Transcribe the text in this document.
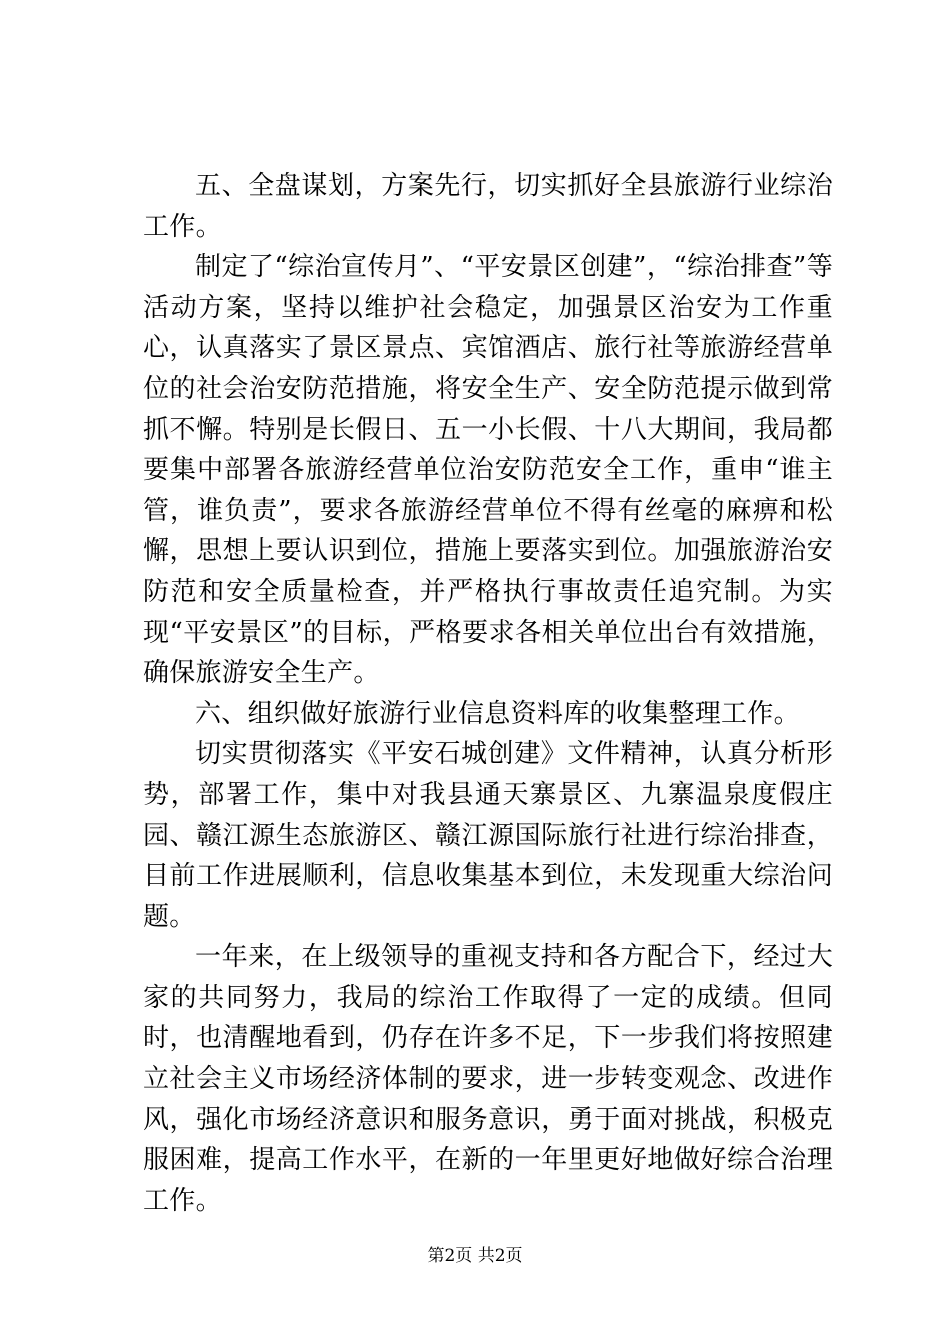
五、全盘谋划，方案先行，切实抓好全县旅游行业综治工作。

制定了“综治宣传月”、“平安景区创建”，“综治排查”等活动方案，坚持以维护社会稳定，加强景区治安为工作重心，认真落实了景区景点、宾馆酒店、旅行社等旅游经营单位的社会治安防范措施，将安全生产、安全防范提示做到常抓不懈。特别是长假日、五一小长假、十八大期间，我局都要集中部署各旅游经营单位治安防范安全工作，重申“谁主管，谁负责”，要求各旅游经营单位不得有丝毫的麻痹和松懈，思想上要认识到位，措施上要落实到位。加强旅游治安防范和安全质量检查，并严格执行事故责任追究制。为实现“平安景区”的目标，严格要求各相关单位出台有效措施，确保旅游安全生产。

六、组织做好旅游行业信息资料库的收集整理工作。

切实贯彻落实《平安石城创建》文件精神，认真分析形势，部署工作，集中对我县通天寨景区、九寨温泉度假庄园、赣江源生态旅游区、赣江源国际旅行社进行综治排查，目前工作进展顺利，信息收集基本到位，未发现重大综治问题。

一年来，在上级领导的重视支持和各方配合下，经过大家的共同努力，我局的综治工作取得了一定的成绩。但同时，也清醒地看到，仍存在许多不足，下一步我们将按照建立社会主义市场经济体制的要求，进一步转变观念、改进作风，强化市场经济意识和服务意识，勇于面对挑战，积极克服困难，提高工作水平，在新的一年里更好地做好综合治理工作。

第2页 共2页
